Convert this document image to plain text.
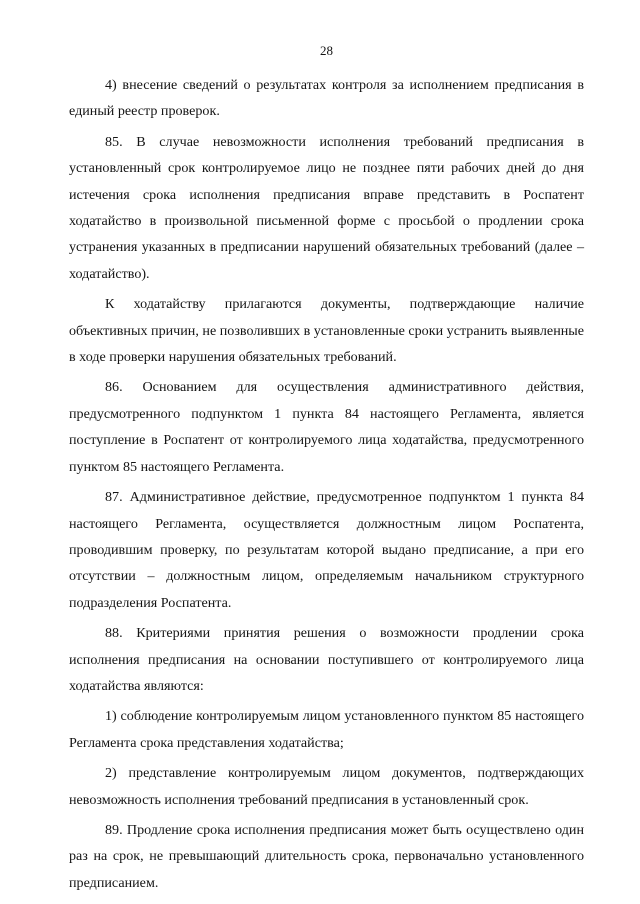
28

4) внесение сведений о результатах контроля за исполнением предписания в единый реестр проверок.

85. В случае невозможности исполнения требований предписания в установленный срок контролируемое лицо не позднее пяти рабочих дней до дня истечения срока исполнения предписания вправе представить в Роспатент ходатайство в произвольной письменной форме с просьбой о продлении срока устранения указанных в предписании нарушений обязательных требований (далее – ходатайство).

К ходатайству прилагаются документы, подтверждающие наличие объективных причин, не позволивших в установленные сроки устранить выявленные в ходе проверки нарушения обязательных требований.

86. Основанием для осуществления административного действия, предусмотренного подпунктом 1 пункта 84 настоящего Регламента, является поступление в Роспатент от контролируемого лица ходатайства, предусмотренного пунктом 85 настоящего Регламента.

87. Административное действие, предусмотренное подпунктом 1 пункта 84 настоящего Регламента, осуществляется должностным лицом Роспатента, проводившим проверку, по результатам которой выдано предписание, а при его отсутствии – должностным лицом, определяемым начальником структурного подразделения Роспатента.

88. Критериями принятия решения о возможности продлении срока исполнения предписания на основании поступившего от контролируемого лица ходатайства являются:

1) соблюдение контролируемым лицом установленного пунктом 85 настоящего Регламента срока представления ходатайства;

2) представление контролируемым лицом документов, подтверждающих невозможность исполнения требований предписания в установленный срок.

89. Продление срока исполнения предписания может быть осуществлено один раз на срок, не превышающий длительность срока, первоначально установленного предписанием.
